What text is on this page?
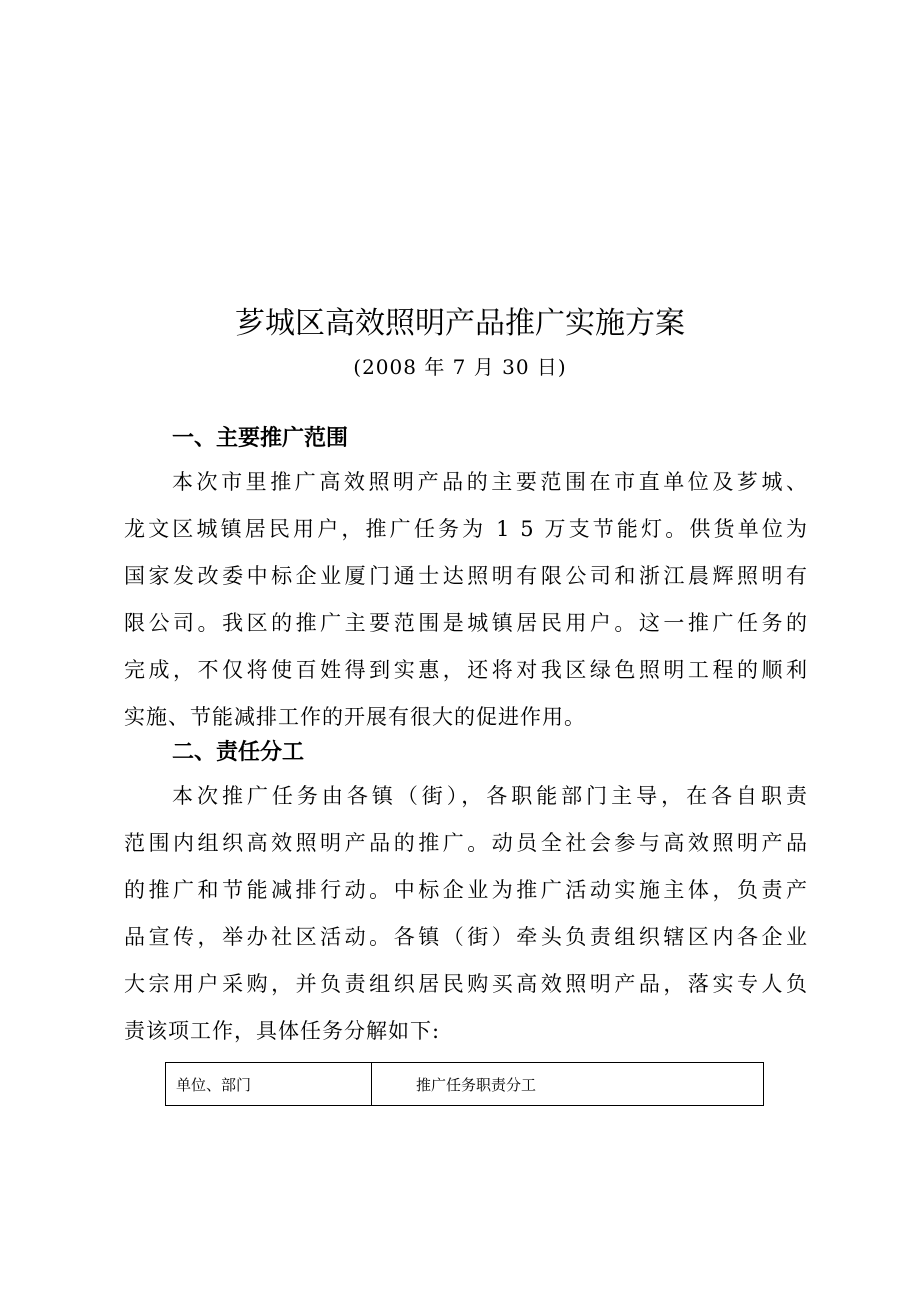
芗城区高效照明产品推广实施方案
(2008 年 7 月 30 日)
一、主要推广范围
本次市里推广高效照明产品的主要范围在市直单位及芗城、
龙文区城镇居民用户，推广任务为 1 5 万支节能灯。供货单位为
国家发改委中标企业厦门通士达照明有限公司和浙江晨辉照明有
限公司。我区的推广主要范围是城镇居民用户。这一推广任务的
完成，不仅将使百姓得到实惠，还将对我区绿色照明工程的顺利
实施、节能减排工作的开展有很大的促进作用。
二、责任分工
本次推广任务由各镇（街），各职能部门主导，在各自职责
范围内组织高效照明产品的推广。动员全社会参与高效照明产品
的推广和节能减排行动。中标企业为推广活动实施主体，负责产
品宣传，举办社区活动。各镇（街）牵头负责组织辖区内各企业
大宗用户采购，并负责组织居民购买高效照明产品，落实专人负
责该项工作，具体任务分解如下:
单位、部门	推广任务职责分工
